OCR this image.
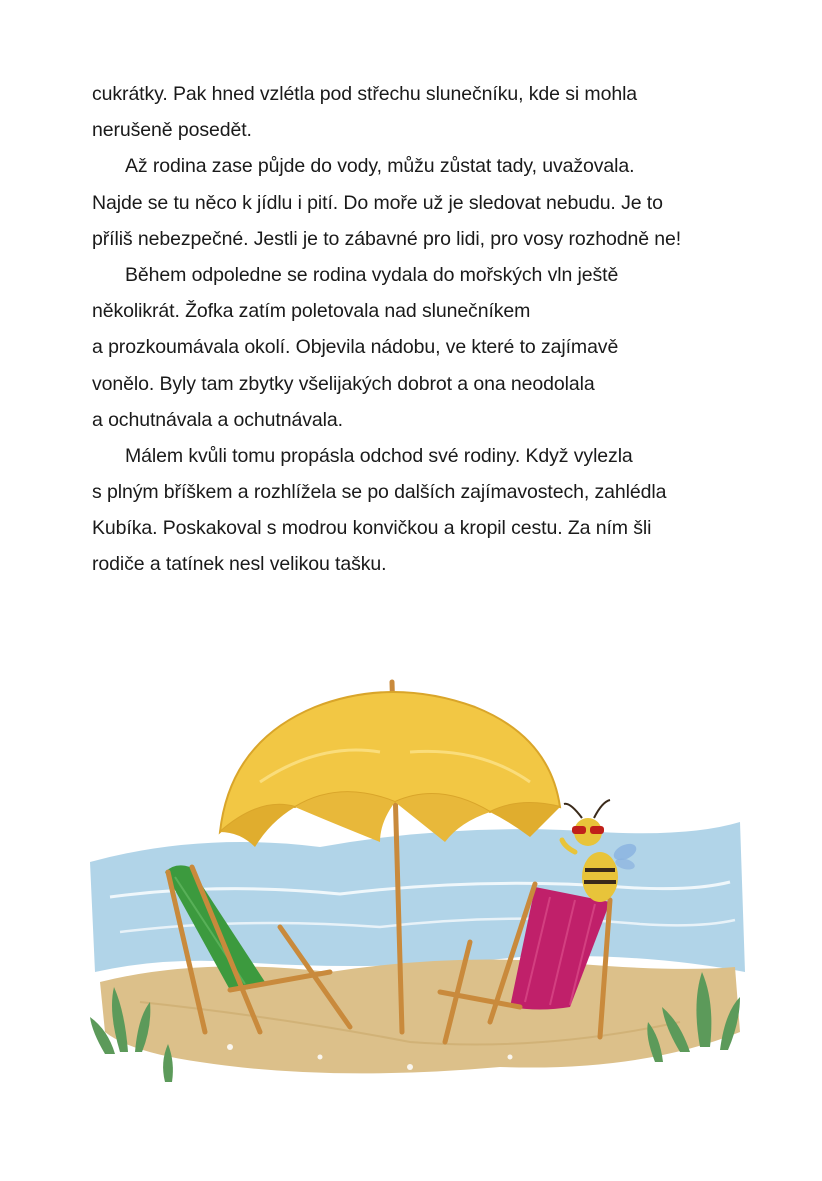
cukrátky. Pak hned vzlétla pod střechu slunečníku, kde si mohla
nerušeně posedět.
Až rodina zase půjde do vody, můžu zůstat tady, uvažovala.
Najde se tu něco k jídlu i pití. Do moře už je sledovat nebudu. Je to
příliš nebezpečné. Jestli je to zábavné pro lidi, pro vosy rozhodně ne!
Během odpoledne se rodina vydala do mořských vln ještě
několikrát. Žofka zatím poletovala nad slunečníkem
a prozkoumávala okolí. Objevila nádobu, ve které to zajímavě
vonělo. Byly tam zbytky všelijakých dobrot a ona neodolala
a ochutnávala a ochutnávala.
Málem kvůli tomu propásla odchod své rodiny. Když vylezla
s plným bříškem a rozhlížela se po dalších zajímavostech, zahlédla
Kubíka. Poskakoval s modrou konvičkou a kropil cestu. Za ním šli
rodiče a tatínek nesl velikou tašku.
